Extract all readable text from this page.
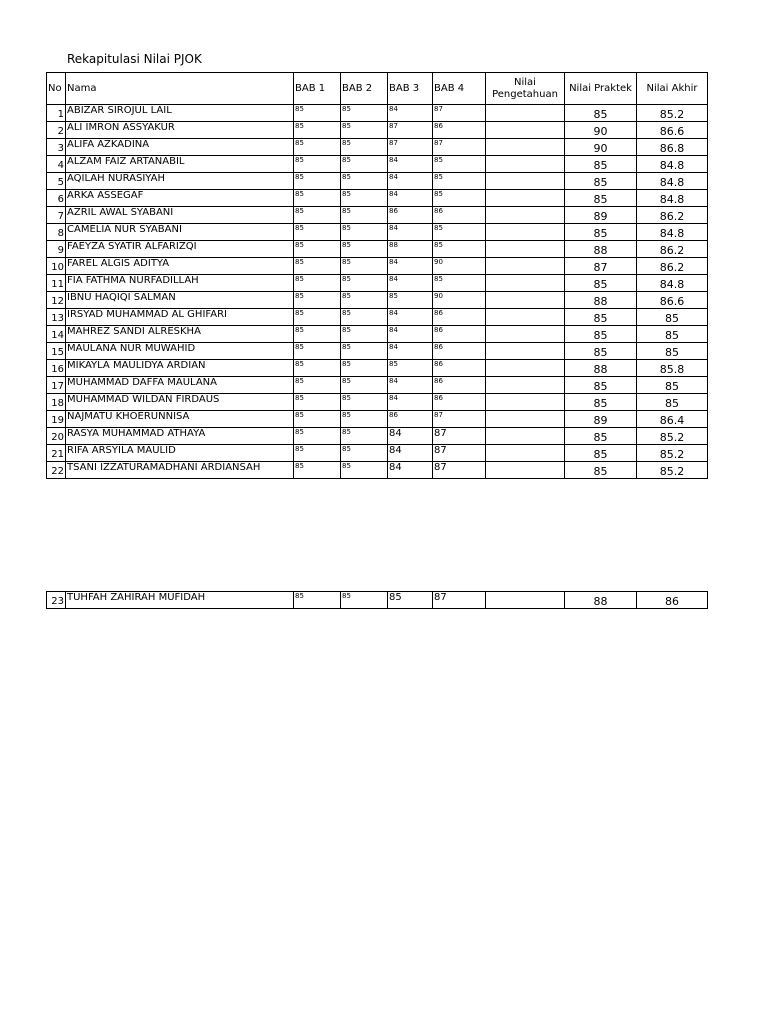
Rekapitulasi Nilai PJOK
No	Nama	BAB 1	BAB 2	BAB 3	BAB 4	Nilai Pengetahuan	Nilai Praktek	Nilai Akhir
1	ABIZAR SIROJUL LAIL	85	85	84	87		85	85.2
2	ALI IMRON ASSYAKUR	85	85	87	86		90	86.6
3	ALIFA AZKADINA	85	85	87	87		90	86.8
4	ALZAM FAIZ ARTANABIL	85	85	84	85		85	84.8
5	AQILAH NURASIYAH	85	85	84	85		85	84.8
6	ARKA ASSEGAF	85	85	84	85		85	84.8
7	AZRIL AWAL SYABANI	85	85	86	86		89	86.2
8	CAMELIA NUR SYABANI	85	85	84	85		85	84.8
9	FAEYZA SYATIR ALFARIZQI	85	85	88	85		88	86.2
10	FAREL ALGIS ADITYA	85	85	84	90		87	86.2
11	FIA FATHMA NURFADILLAH	85	85	84	85		85	84.8
12	IBNU HAQIQI SALMAN	85	85	85	90		88	86.6
13	IRSYAD MUHAMMAD AL GHIFARI	85	85	84	86		85	85
14	MAHREZ SANDI ALRESKHA	85	85	84	86		85	85
15	MAULANA NUR MUWAHID	85	85	84	86		85	85
16	MIKAYLA MAULIDYA ARDIAN	85	85	85	86		88	85.8
17	MUHAMMAD DAFFA MAULANA	85	85	84	86		85	85
18	MUHAMMAD WILDAN FIRDAUS	85	85	84	86		85	85
19	NAJMATU KHOERUNNISA	85	85	86	87		89	86.4
20	RASYA MUHAMMAD ATHAYA	85	85	84	87		85	85.2
21	RIFA ARSYILA MAULID	85	85	84	87		85	85.2
22	TSANI IZZATURAMADHANI ARDIANSAH	85	85	84	87		85	85.2
23	TUHFAH ZAHIRAH MUFIDAH	85	85	85	87		88	86
